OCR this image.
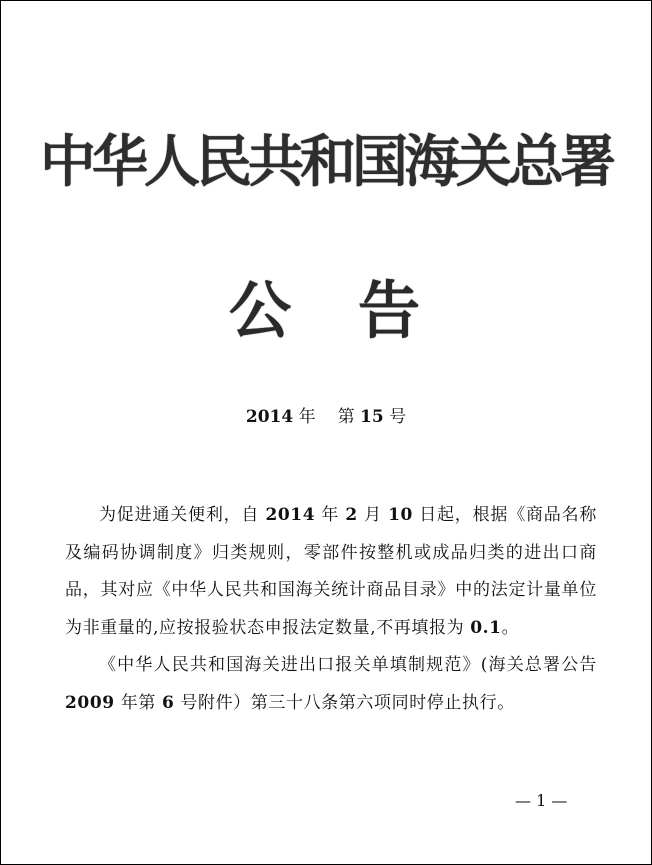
中华人民共和国海关总署
公 告
2014 年 第 15 号

为促进通关便利，自 2014 年 2 月 10 日起，根据《商品名称及编码协调制度》归类规则，零部件按整机或成品归类的进出口商品，其对应《中华人民共和国海关统计商品目录》中的法定计量单位为非重量的,应按报验状态申报法定数量,不再填报为 0.1。

《中华人民共和国海关进出口报关单填制规范》(海关总署公告 2009 年第 6 号附件）第三十八条第六项同时停止执行。

— 1 —
